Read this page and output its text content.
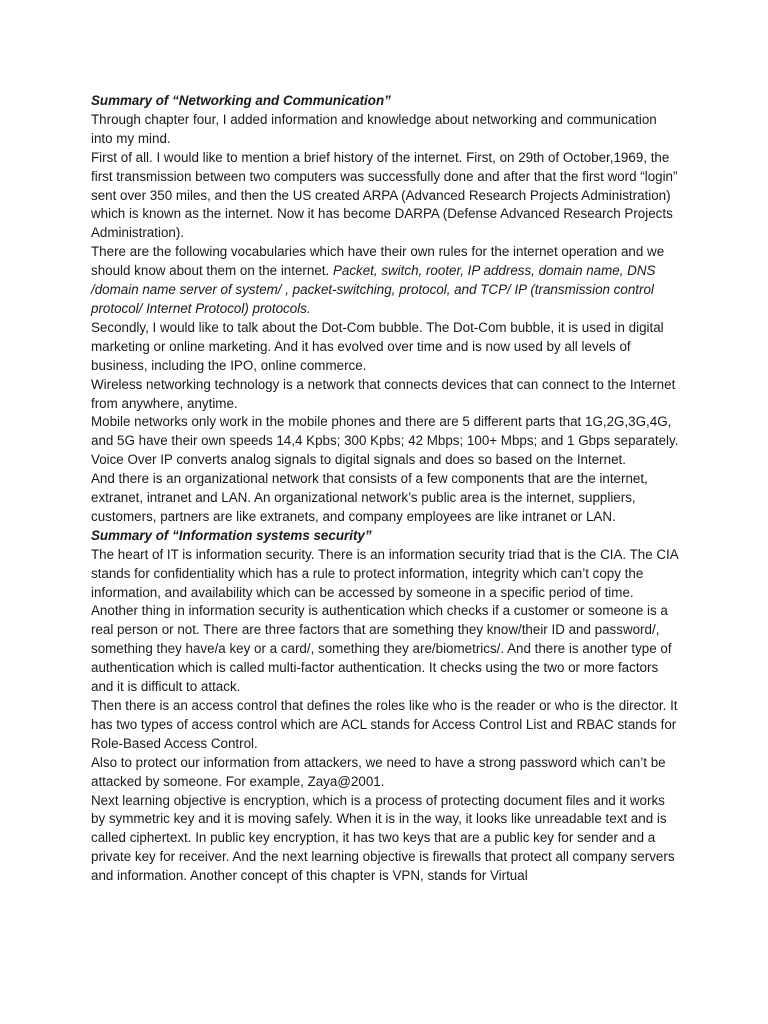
Summary of “Networking and Communication”

Through chapter four, I added information and knowledge about networking and communication into my mind.

First of all. I would like to mention a brief history of the internet. First, on 29th of October,1969, the first transmission between two computers was successfully done and after that the first word “login” sent over 350 miles, and then the US created ARPA (Advanced Research Projects Administration) which is known as the internet. Now it has become DARPA (Defense Advanced Research Projects Administration).

There are the following vocabularies which have their own rules for the internet operation and we should know about them on the internet. Packet, switch, rooter, IP address, domain name, DNS /domain name server of system/ , packet-switching, protocol, and TCP/ IP (transmission control protocol/ Internet Protocol) protocols.

Secondly, I would like to talk about the Dot-Com bubble. The Dot-Com bubble, it is used in digital marketing or online marketing. And it has evolved over time and is now used by all levels of business, including the IPO, online commerce.

Wireless networking technology is a network that connects devices that can connect to the Internet from anywhere, anytime.

Mobile networks only work in the mobile phones and there are 5 different parts that 1G,2G,3G,4G, and 5G have their own speeds 14,4 Kpbs; 300 Kpbs; 42 Mbps; 100+ Mbps; and 1 Gbps separately.

Voice Over IP converts analog signals to digital signals and does so based on the Internet.

And there is an organizational network that consists of a few components that are the internet, extranet, intranet and LAN. An organizational network’s public area is the internet, suppliers, customers, partners are like extranets, and company employees are like intranet or LAN.

Summary of “Information systems security”

The heart of IT is information security. There is an information security triad that is the CIA. The CIA stands for confidentiality which has a rule to protect information, integrity which can’t copy the information, and availability which can be accessed by someone in a specific period of time.

Another thing in information security is authentication which checks if a customer or someone is a real person or not. There are three factors that are something they know/their ID and password/, something they have/a key or a card/, something they are/biometrics/. And there is another type of authentication which is called multi-factor authentication. It checks using the two or more factors and it is difficult to attack.

Then there is an access control that defines the roles like who is the reader or who is the director. It has two types of access control which are ACL stands for Access Control List and RBAC stands for Role-Based Access Control.

Also to protect our information from attackers, we need to have a strong password which can’t be attacked by someone. For example, Zaya@2001.

Next learning objective is encryption, which is a process of protecting document files and it works by symmetric key and it is moving safely. When it is in the way, it looks like unreadable text and is called ciphertext. In public key encryption, it has two keys that are a public key for sender and a private key for receiver. And the next learning objective is firewalls that protect all company servers and information. Another concept of this chapter is VPN, stands for Virtual
